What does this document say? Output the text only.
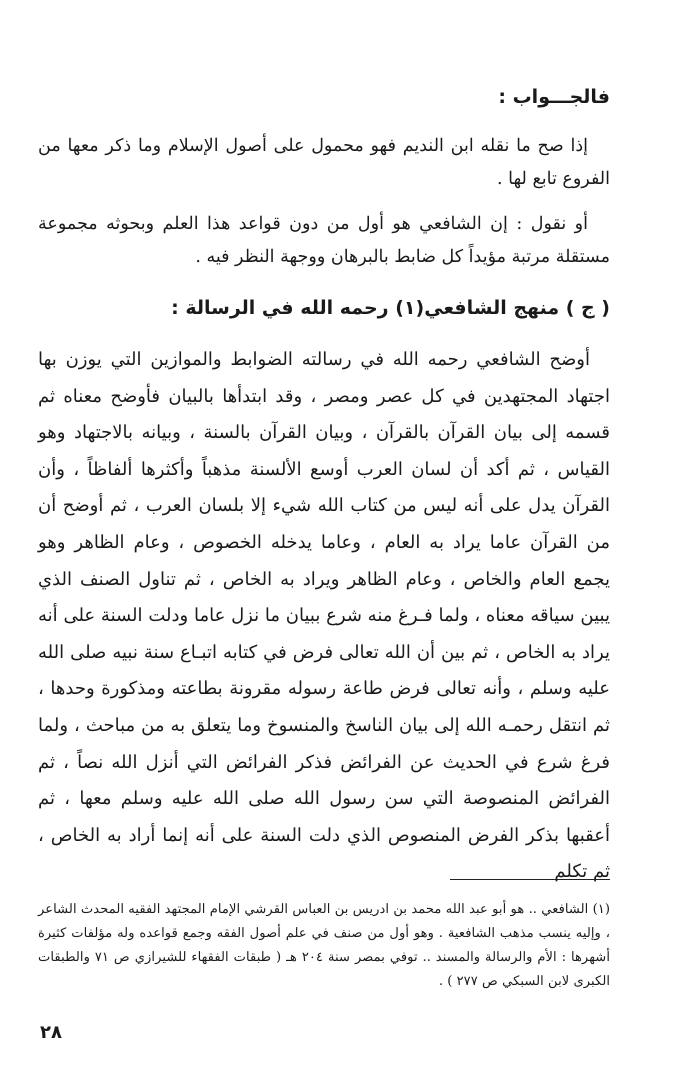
فالجـــواب :

إذا صح ما نقله ابن النديم فهو محمول على أصول الإسلام وما ذكر معها من الفروع تابع لها .

أو نقول : إن الشافعي هو أول من دون قواعد هذا العلم وبحوثه مجموعة مستقلة مرتبة مؤيداً كل ضابط بالبرهان ووجهة النظر فيه .

( ج ) منهج الشافعي(١) رحمه الله في الرسالة :

أوضح الشافعي رحمه الله في رسالته الضوابط والموازين التي يوزن بها اجتهاد المجتهدين في كل عصر ومصر ، وقد ابتدأها بالبيان فأوضح معناه ثم قسمه إلى بيان القرآن بالقرآن ، وبيان القرآن بالسنة ، وبيانه بالاجتهاد وهو القياس ، ثم أكد أن لسان العرب أوسع الألسنة مذهباً وأكثرها ألفاظاً ، وأن القرآن يدل على أنه ليس من كتاب الله شيء إلا بلسان العرب ، ثم أوضح أن من القرآن عاما يراد به العام ، وعاما يدخله الخصوص ، وعام الظاهر وهو يجمع العام والخاص ، وعام الظاهر ويراد به الخاص ، ثم تناول الصنف الذي يبين سياقه معناه ، ولما فـرغ منه شرع ببيان ما نزل عاما ودلت السنة على أنه يراد به الخاص ، ثم بين أن الله تعالى فرض في كتابه اتبـاع سنة نبيه صلى الله عليه وسلم ، وأنه تعالى فرض طاعة رسوله مقرونة بطاعته ومذكورة وحدها ، ثم انتقل رحمـه الله إلى بيان الناسخ والمنسوخ وما يتعلق به من مباحث ، ولما فرغ شرع في الحديث عن الفرائض فذكر الفرائض التي أنزل الله نصاً ، ثم الفرائض المنصوصة التي سن رسول الله صلى الله عليه وسلم معها ، ثم أعقبها بذكر الفرض المنصوص الذي دلت السنة على أنه إنما أراد به الخاص ، ثم تكلم

(١) الشافعي .. هو أبو عبد الله محمد بن ادريس بن العباس القرشي الإمام المجتهد الفقيه المحدث الشاعر ، وإليه ينسب مذهب الشافعية . وهو أول من صنف في علم أصول الفقه وجمع قواعده وله مؤلفات كثيرة أشهرها : الأم والرسالة والمسند .. توفي بمصر سنة ٢٠٤ هـ ( طبقات الفقهاء للشيرازي ص ٧١ والطبقات الكبرى لابن السبكي ص ٢٧٧ ) .

٢٨
